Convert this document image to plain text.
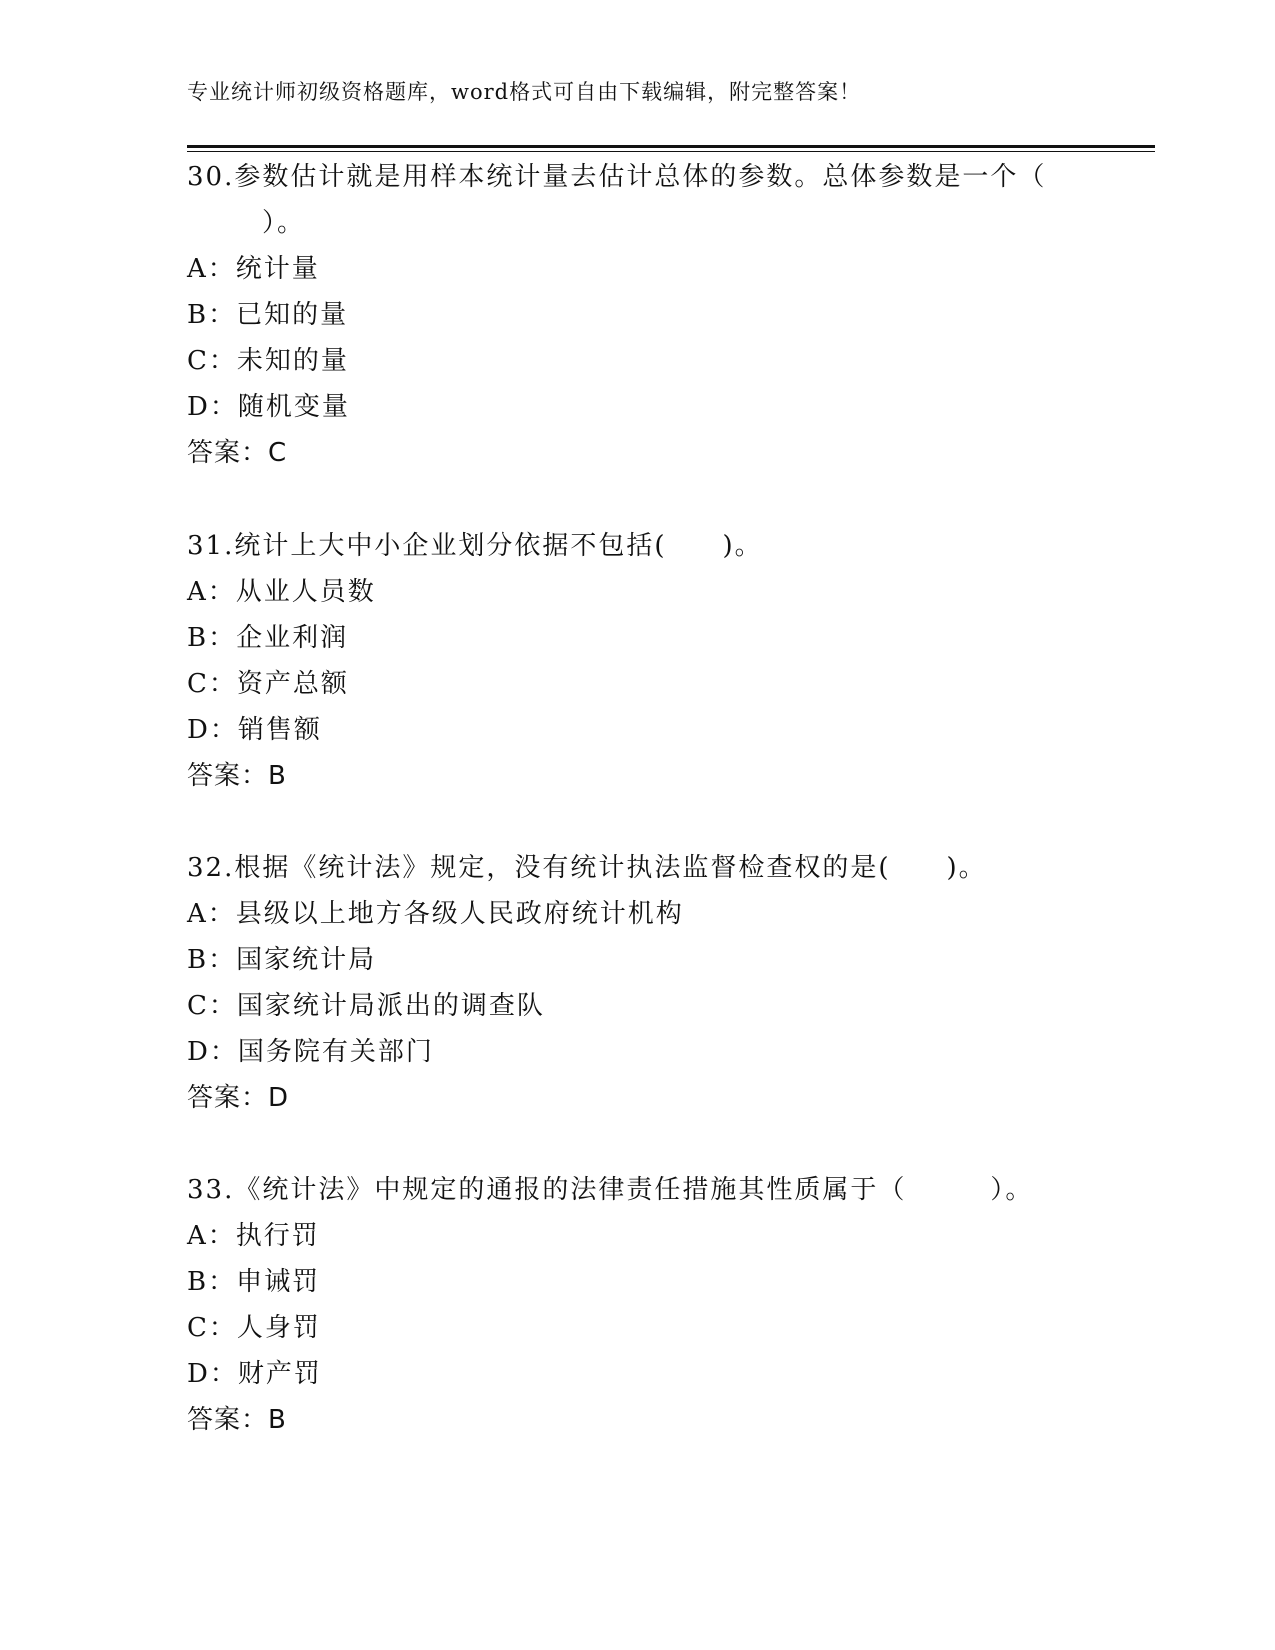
专业统计师初级资格题库，word格式可自由下载编辑，附完整答案！
30.参数估计就是用样本统计量去估计总体的参数。总体参数是一个（
）。
A：统计量
B：已知的量
C：未知的量
D：随机变量
答案：C
31.统计上大中小企业划分依据不包括(　　)。
A：从业人员数
B：企业利润
C：资产总额
D：销售额
答案：B
32.根据《统计法》规定，没有统计执法监督检查权的是(　　)。
A：县级以上地方各级人民政府统计机构
B：国家统计局
C：国家统计局派出的调查队
D：国务院有关部门
答案：D
33.《统计法》中规定的通报的法律责任措施其性质属于（　　　）。
A：执行罚
B：申诫罚
C：人身罚
D：财产罚
答案：B
